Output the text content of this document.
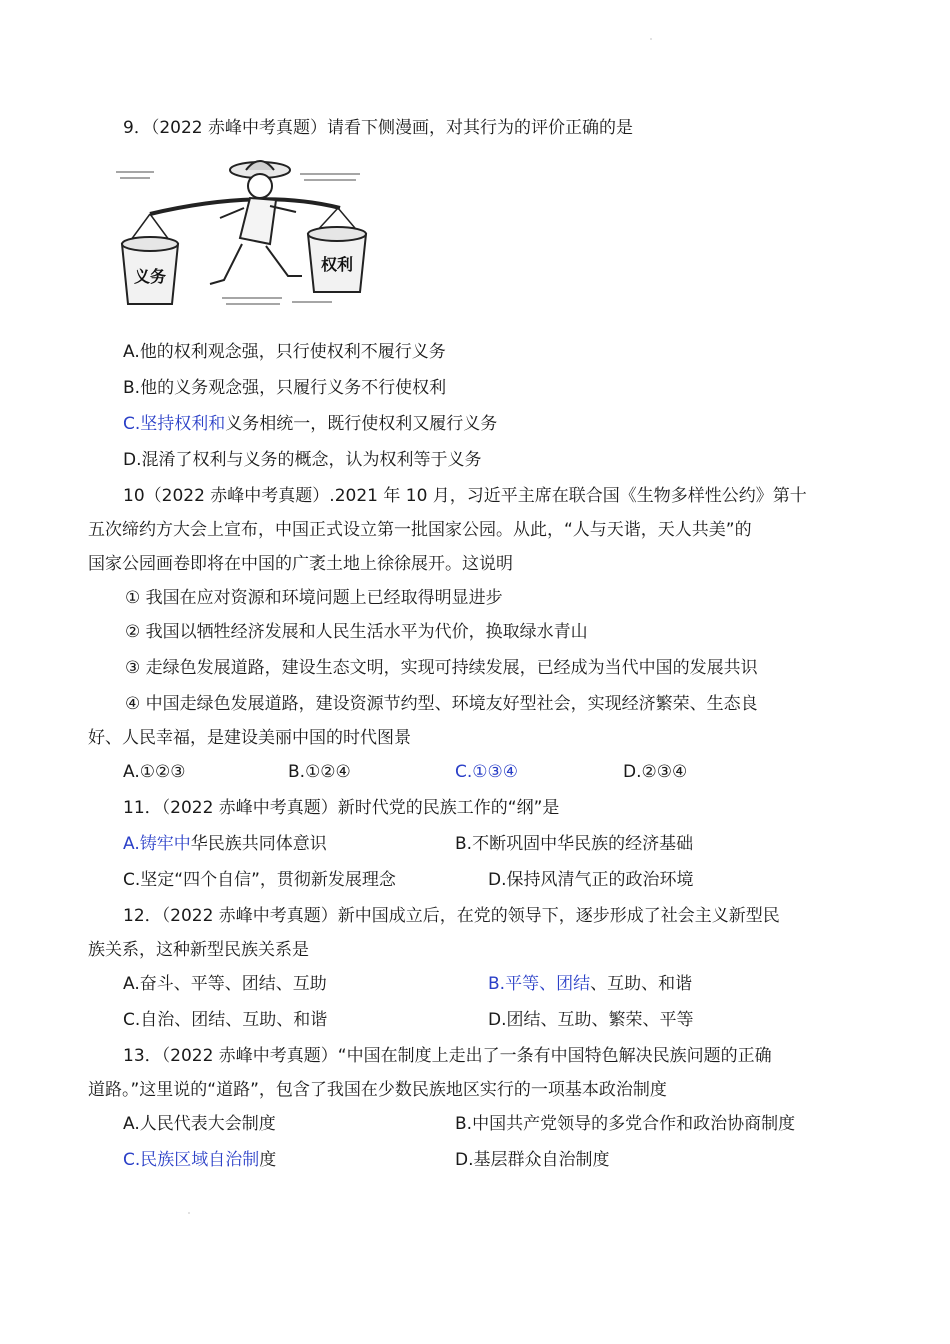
9．（2022 赤峰中考真题）请看下侧漫画，对其行为的评价正确的是
义务
权利
A.他的权利观念强，只行使权利不履行义务
B.他的义务观念强，只履行义务不行使权利
C.坚持权利和义务相统一，既行使权利又履行义务
D.混淆了权利与义务的概念，认为权利等于义务
10（2022 赤峰中考真题）.2021 年 10 月，习近平主席在联合国《生物多样性公约》第十
五次缔约方大会上宣布，中国正式设立第一批国家公园。从此，“人与天谐，天人共美”的
国家公园画卷即将在中国的广袤土地上徐徐展开。这说明
① 我国在应对资源和环境问题上已经取得明显进步
② 我国以牺牲经济发展和人民生活水平为代价，换取绿水青山
③ 走绿色发展道路，建设生态文明，实现可持续发展，已经成为当代中国的发展共识
④ 中国走绿色发展道路，建设资源节约型、环境友好型社会，实现经济繁荣、生态良
好、人民幸福，是建设美丽中国的时代图景
A.①②③	B.①②④	C.①③④	D.②③④
11．（2022 赤峰中考真题）新时代党的民族工作的“纲”是
A.铸牢中华民族共同体意识	B.不断巩固中华民族的经济基础
C.坚定“四个自信”，贯彻新发展理念	D.保持风清气正的政治环境
12．（2022 赤峰中考真题）新中国成立后，在党的领导下，逐步形成了社会主义新型民
族关系，这种新型民族关系是
A.奋斗、平等、团结、互助	B.平等、团结、互助、和谐
C.自治、团结、互助、和谐	D.团结、互助、繁荣、平等
13．（2022 赤峰中考真题）“中国在制度上走出了一条有中国特色解决民族问题的正确
道路。”这里说的“道路”，包含了我国在少数民族地区实行的一项基本政治制度
A.人民代表大会制度	B.中国共产党领导的多党合作和政治协商制度
C.民族区域自治制度	D.基层群众自治制度
